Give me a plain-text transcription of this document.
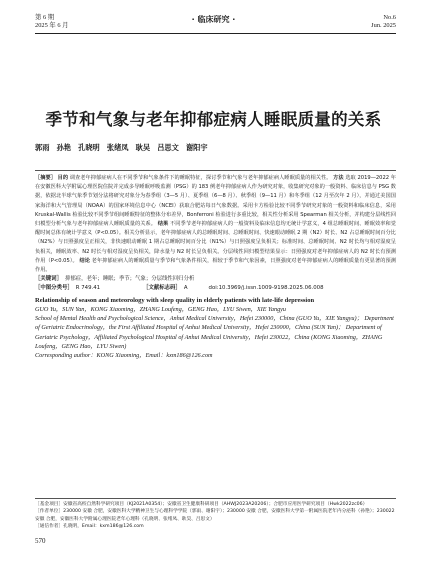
第 6 期
2025 年 6 月
· 临床研究 ·	No.6
Jun. 2025
季节和气象与老年抑郁症病人睡眠质量的关系
郭雨　孙艳　孔晓明　张绪凤　耿吴　吕思文　谢阳宇
［摘要］ 目的 调查老年抑郁症病人在不同季节和气象条件下的睡眠特征，探讨季节和气象与老年抑郁症病人睡眠质量的相关性。 方法 选取 2019—2022 年在安徽医科大学附属心理医院住院并完成多导睡眠呼吸监测（PSG）的 183 例老年抑郁症病人作为研究对象，收集研究对象的一般资料、临床信息与 PSG 数据，依据北半球气象季节划分法将研究对象分为春季组（3—5 月）、夏季组（6—8 月）、秋季组（9—11 月）和冬季组（12 月至次年 2 月），并通过美国国家海洋和大气管理局（NOAA）的国家环境信息中心（NCEI）获取合肥站每日气象数据。采用卡方检验比较不同季节研究对象的一般资料和临床信息，采用 Kruskal-Wallis 检验比较不同季节组间睡眠特征的整体分布差异，Bonferroni 检验进行多重比较，相关性分析采用 Spearman 相关分析，并构建分层线性回归模型分析气象与老年抑郁症病人睡眠质量的关系。 结果 不同季节老年抑郁症病人的一般资料及临床信息均无统计学意义，4 组总睡眠时间、睡眠效率和觉醒时间总体有统计学意义（P<0.05）。相关分析显示，老年抑郁症病人的总睡眠时间、总睡眠时间、快速眼动睡眠 2 期（N2）时长、N2 占总睡眠时间百分比（N2%）与日照强度呈正相关，非快速眼动睡眠 1 期占总睡眠时间百分比（N1%）与日照强度呈负相关；标准时间、总睡眠时间、N2 时长均与相对湿度呈负相关，睡眠效率、N2 时长与相对湿度呈负相关，降水量与 N2 时长呈负相关。分层线性回归模型结果显示：日照强度对老年抑郁症病人的 N2 时长有预测作用（P<0.05）。 结论 老年抑郁症病人的睡眠质量与季节和气象条件相关，相较于季节和气象因素，日照强度对老年抑郁症病人的睡眠质量有更显著的预测作用。
［关键词］ 抑郁症，老年；睡眠；季节；气象；分层线性回归分析
［中图分类号］ R 749.41	［文献标志码］ A	doi:10.3969/j.issn.1009-9198.2025.06.008
Relationship of season and meteorology with sleep quality in elderly patients with late-life depression
GUO Yu，SUN Yan，KONG Xiaoming，ZHANG Loufeng，GENG Hao，LYU Siwen，XIE Yangyu
School of Mental Health and Psychological Science，Anhui Medical University，Hefei 230000，China (GUO Yu，XIE Yangyu)； Department of Geriatric Endocrinology，the First Affiliated Hospital of Anhui Medical University，Hefei 230000，China (SUN Yan)； Department of Geriatric Psychology，Affiliated Psychological Hospital of Anhui Medical University，Hefei 230022，China (KONG Xiaoming，ZHANG Loufeng，GENG Hao，LYU Siwen)
Corresponding author：KONG Xiaoming，Email：kxm186@126.com
［基金项目］安徽省高校自然科学研究项目（KJ2021A0354）；安徽省卫生健康科研项目（AHWJ2023A20206）；合肥市应用医学研究项目（Hwk2022zc06）
［作者单位］230000 安徽 合肥，安徽医科大学精神卫生与心理科学学院（郭雨、谢阳宇）；230000 安徽 合肥，安徽医科大学第一附属医院老年内分泌科（孙艳）；230022 安徽 合肥，安徽医科大学附属心理医院老年心理科（孔晓明、张绪凤、耿昊、吕思文）
［通信作者］孔晓明，Email：kxm186@126.com
570
